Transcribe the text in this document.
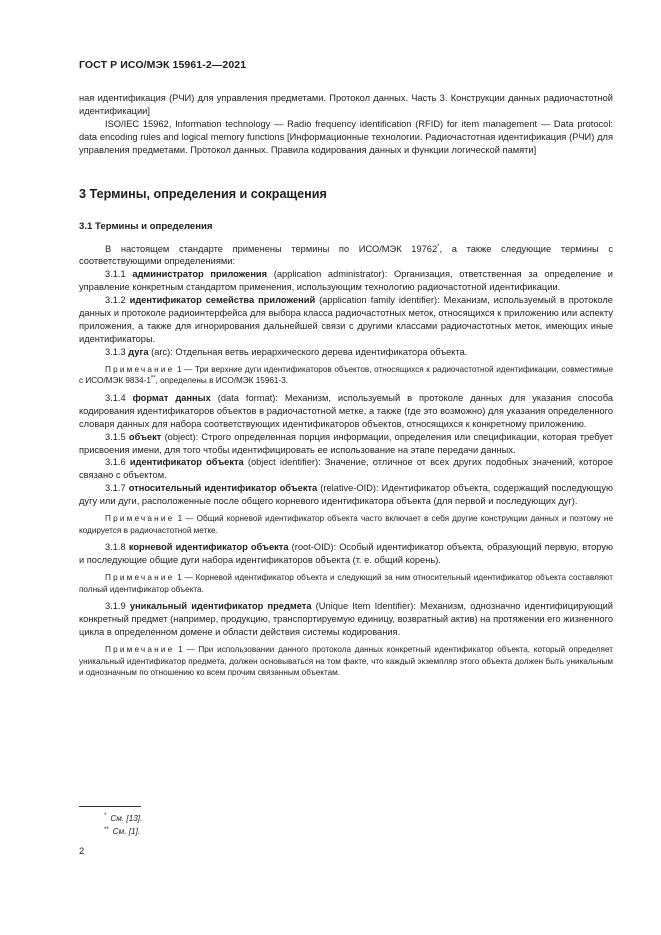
ГОСТ Р ИСО/МЭК 15961-2—2021

ная идентификация (РЧИ) для управления предметами. Протокол данных. Часть 3. Конструкции данных радиочастотной идентификации]

ISO/IEC 15962, Information technology — Radio frequency identification (RFID) for item management — Data protocol: data encoding rules and logical memory functions [Информационные технологии. Радиочастотная идентификация (РЧИ) для управления предметами. Протокол данных. Правила кодирования данных и функции логической памяти]

3 Термины, определения и сокращения
3.1 Термины и определения

В настоящем стандарте применены термины по ИСО/МЭК 19762*, а также следующие термины с соответствующими определениями:

3.1.1 администратор приложения (application administrator): Организация, ответственная за определение и управление конкретным стандартом применения, использующим технологию радиочастотной идентификации.

3.1.2 идентификатор семейства приложений (application family identifier): Механизм, используемый в протоколе данных и протоколе радиоинтерфейса для выбора класса радиочастотных меток, относящихся к приложению или аспекту приложения, а также для игнорирования дальнейшей связи с другими классами радиочастотных меток, имеющих иные идентификаторы.

3.1.3 дуга (arc): Отдельная ветвь иерархического дерева идентификатора объекта.

Примечание 1 — Три верхние дуги идентификаторов объектов, относящихся к радиочастотной идентификации, совместимые с ИСО/МЭК 9834-1**, определены в ИСО/МЭК 15961-3.

3.1.4 формат данных (data format): Механизм, используемый в протоколе данных для указания способа кодирования идентификаторов объектов в радиочастотной метке, а также (где это возможно) для указания определенного словаря данных для набора соответствующих идентификаторов объектов, относящихся к конкретному приложению.

3.1.5 объект (object): Строго определенная порция информации, определения или спецификации, которая требует присвоения имени, для того чтобы идентифицировать ее использование на этапе передачи данных.

3.1.6 идентификатор объекта (object identifier): Значение, отличное от всех других подобных значений, которое связано с объектом.

3.1.7 относительный идентификатор объекта (relative-OID): Идентификатор объекта, содержащий последующую дугу или дуги, расположенные после общего корневого идентификатора объекта (для первой и последующих дуг).

Примечание 1 — Общий корневой идентификатор объекта часто включает в себя другие конструкции данных и поэтому не кодируется в радиочастотной метке.

3.1.8 корневой идентификатор объекта (root-OID): Особый идентификатор объекта, образующий первую, вторую и последующие общие дуги набора идентификаторов объекта (т. е. общий корень).

Примечание 1 — Корневой идентификатор объекта и следующий за ним относительный идентификатор объекта составляют полный идентификатор объекта.

3.1.9 уникальный идентификатор предмета (Unique Item Identifier): Механизм, однозначно идентифицирующий конкретный предмет (например, продукцию, транспортируемую единицу, возвратный актив) на протяжении его жизненного цикла в определенном домене и области действия системы кодирования.

Примечание 1 — При использовании данного протокола данных конкретный идентификатор объекта, который определяет уникальный идентификатор предмета, должен основываться на том факте, что каждый экземпляр этого объекта должен быть уникальным и однозначным по отношению ко всем прочим связанным объектам.

* См. [13].
** См. [1].
2
